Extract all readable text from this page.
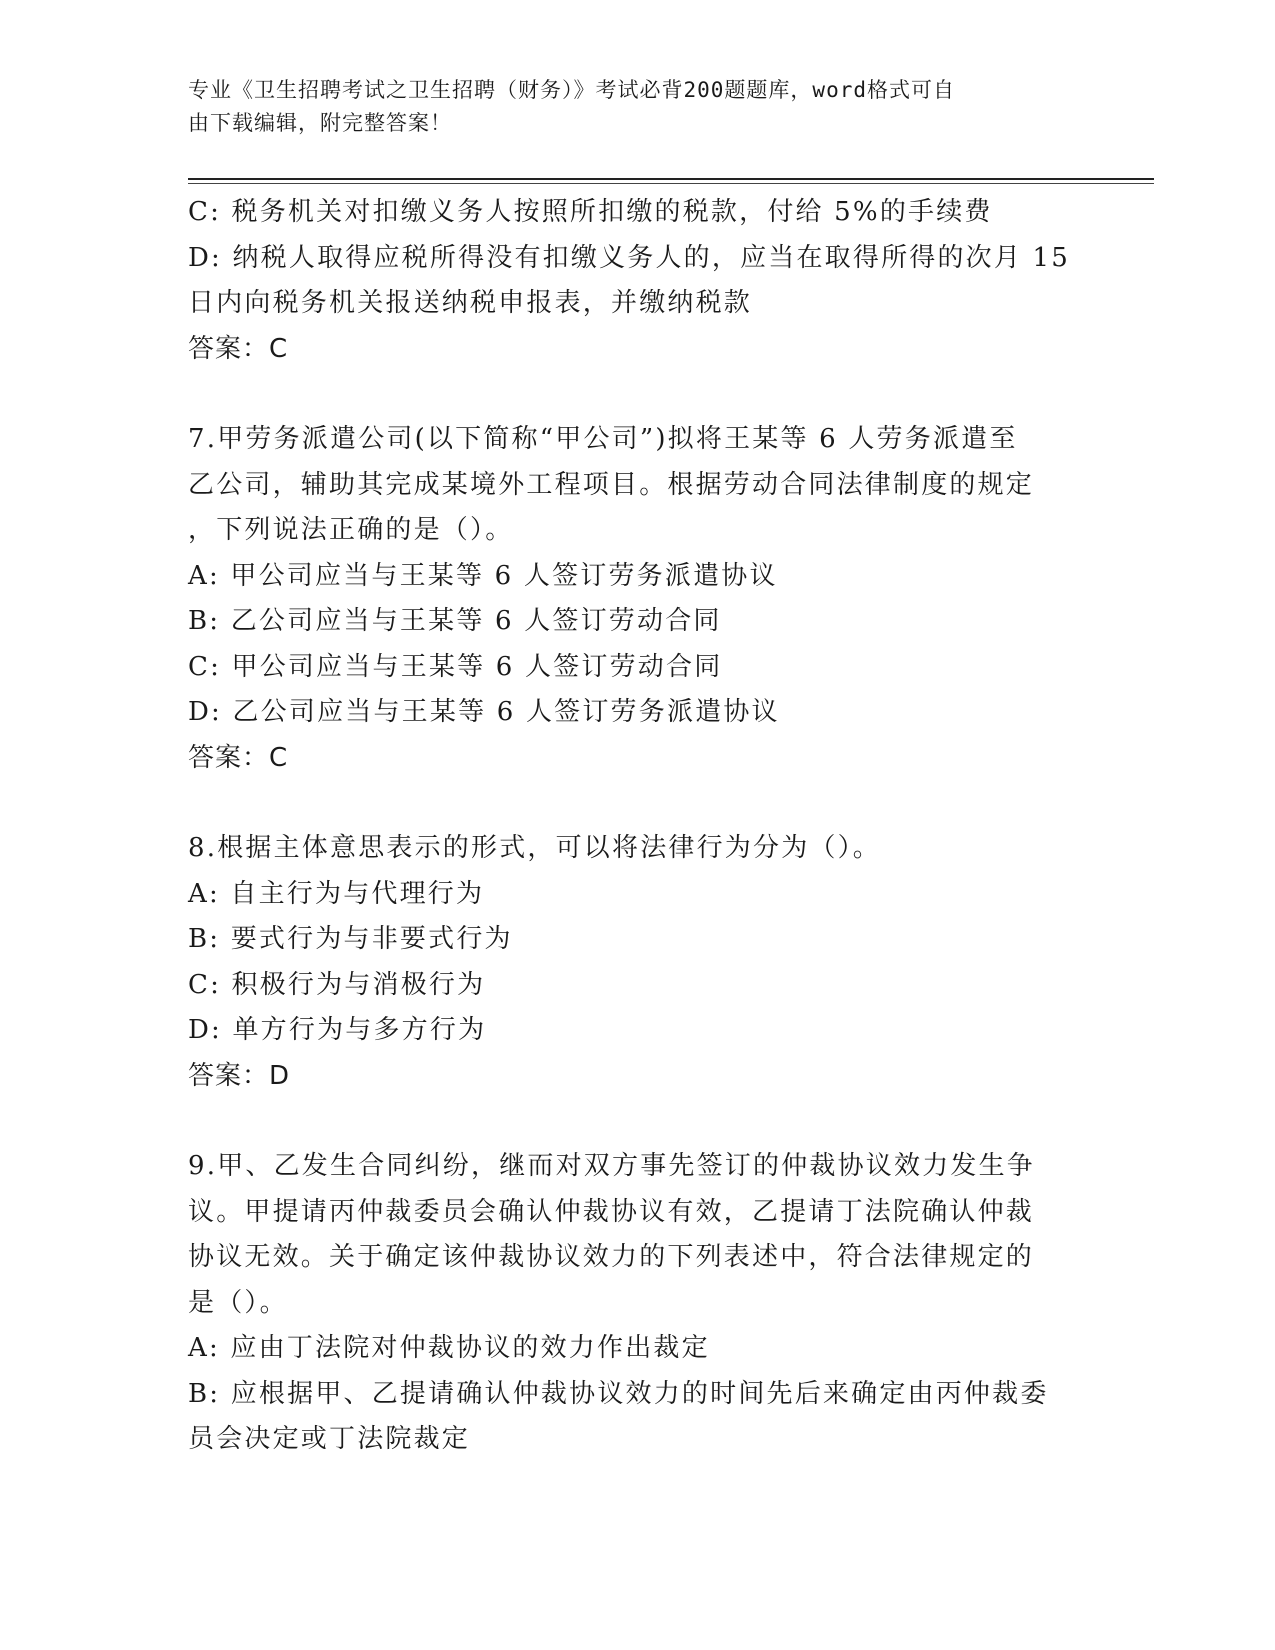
专业《卫生招聘考试之卫生招聘（财务）》考试必背200题题库，word格式可自
由下载编辑，附完整答案！
C: 税务机关对扣缴义务人按照所扣缴的税款，付给 5%的手续费
D: 纳税人取得应税所得没有扣缴义务人的，应当在取得所得的次月 15
日内向税务机关报送纳税申报表，并缴纳税款
答案：C
7.甲劳务派遣公司(以下简称“甲公司”)拟将王某等 6 人劳务派遣至
乙公司，辅助其完成某境外工程项目。根据劳动合同法律制度的规定
，下列说法正确的是（）。
A: 甲公司应当与王某等 6 人签订劳务派遣协议
B: 乙公司应当与王某等 6 人签订劳动合同
C: 甲公司应当与王某等 6 人签订劳动合同
D: 乙公司应当与王某等 6 人签订劳务派遣协议
答案：C
8.根据主体意思表示的形式，可以将法律行为分为（）。
A: 自主行为与代理行为
B: 要式行为与非要式行为
C: 积极行为与消极行为
D: 单方行为与多方行为
答案：D
9.甲、乙发生合同纠纷，继而对双方事先签订的仲裁协议效力发生争
议。甲提请丙仲裁委员会确认仲裁协议有效，乙提请丁法院确认仲裁
协议无效。关于确定该仲裁协议效力的下列表述中，符合法律规定的
是（）。
A: 应由丁法院对仲裁协议的效力作出裁定
B: 应根据甲、乙提请确认仲裁协议效力的时间先后来确定由丙仲裁委
员会决定或丁法院裁定
